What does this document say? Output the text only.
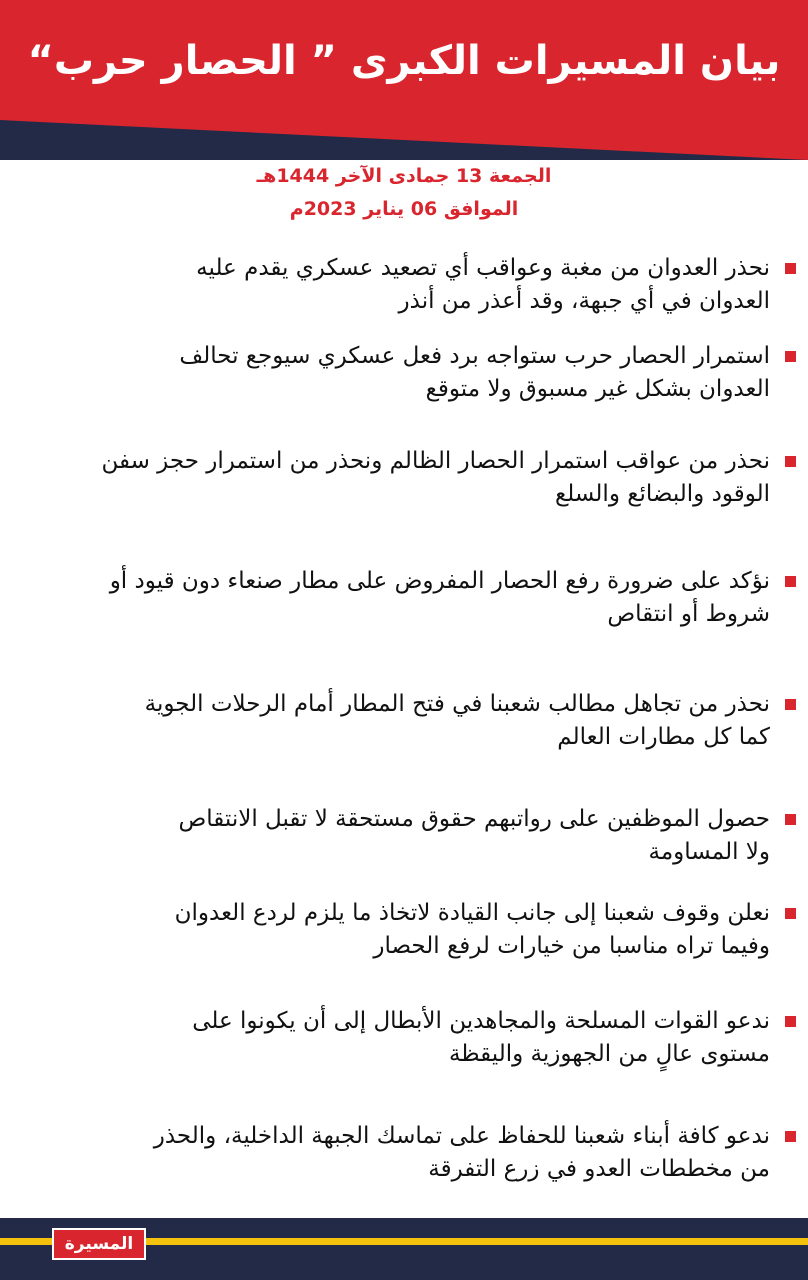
بيان المسيرات الكبرى ” الحصار حرب“
الجمعة 13 جمادى الآخر 1444هـ
الموافق 06 يناير 2023م
نحذر العدوان من مغبة وعواقب أي تصعيد عسكري يقدم عليه
العدوان في أي جبهة، وقد أعذر من أنذر
استمرار الحصار حرب ستواجه برد فعل عسكري سيوجع تحالف
العدوان بشكل غير مسبوق ولا متوقع
نحذر من عواقب استمرار الحصار الظالم ونحذر من استمرار حجز سفن
الوقود والبضائع والسلع
نؤكد على ضرورة رفع الحصار المفروض على مطار صنعاء دون قيود أو
شروط أو انتقاص
نحذر من تجاهل مطالب شعبنا في فتح المطار أمام الرحلات الجوية
كما كل مطارات العالم
حصول الموظفين على رواتبهم حقوق مستحقة لا تقبل الانتقاص
ولا المساومة
نعلن وقوف شعبنا إلى جانب القيادة لاتخاذ ما يلزم لردع العدوان
وفيما تراه مناسبا من خيارات لرفع الحصار
ندعو القوات المسلحة والمجاهدين الأبطال إلى أن يكونوا على
مستوى عالٍ من الجهوزية واليقظة
ندعو كافة أبناء شعبنا للحفاظ على تماسك الجبهة الداخلية، والحذر
من مخططات العدو في زرع التفرقة
المسيرة
